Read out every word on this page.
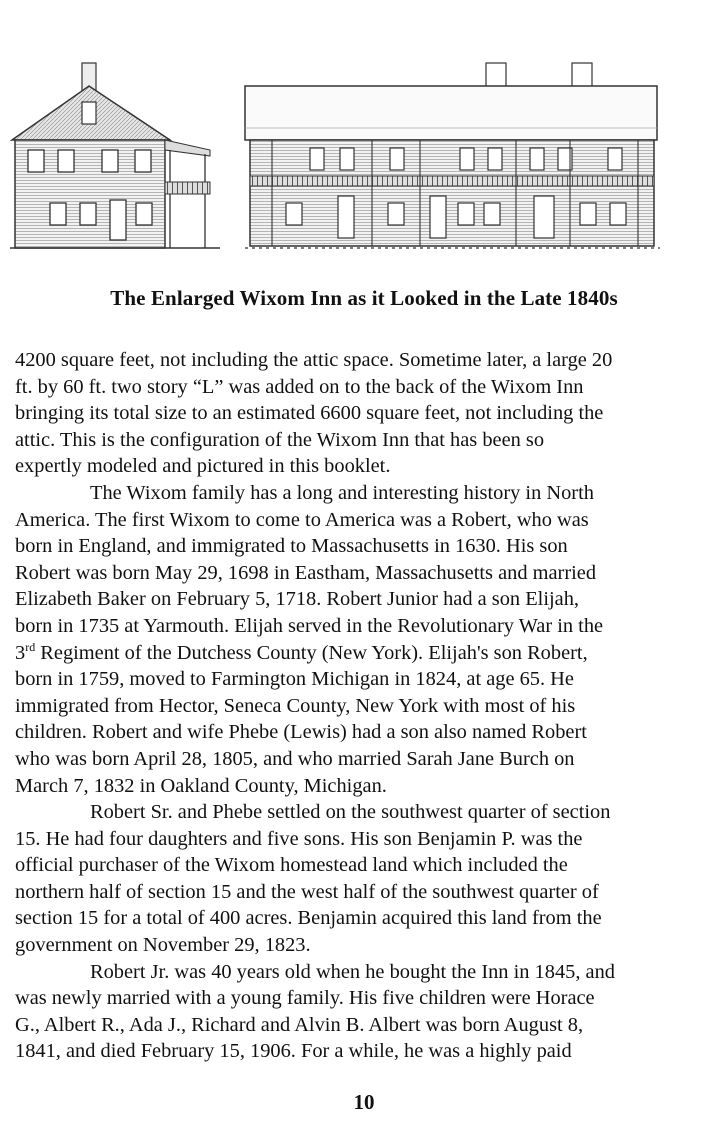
The Enlarged Wixom Inn as it Looked in the Late 1840s

4200 square feet, not including the attic space. Sometime later, a large 20
ft. by 60 ft. two story “L” was added on to the back of the Wixom Inn
bringing its total size to an estimated 6600 square feet, not including the
attic. This is the configuration of the Wixom Inn that has been so
expertly modeled and pictured in this booklet.

The Wixom family has a long and interesting history in North
America. The first Wixom to come to America was a Robert, who was
born in England, and immigrated to Massachusetts in 1630. His son
Robert was born May 29, 1698 in Eastham, Massachusetts and married
Elizabeth Baker on February 5, 1718. Robert Junior had a son Elijah,
born in 1735 at Yarmouth. Elijah served in the Revolutionary War in the

3rd Regiment of the Dutchess County (New York). Elijah's son Robert,
born in 1759, moved to Farmington Michigan in 1824, at age 65. He
immigrated from Hector, Seneca County, New York with most of his
children. Robert and wife Phebe (Lewis) had a son also named Robert
who was born April 28, 1805, and who married Sarah Jane Burch on
March 7, 1832 in Oakland County, Michigan.

Robert Sr. and Phebe settled on the southwest quarter of section
15. He had four daughters and five sons. His son Benjamin P. was the
official purchaser of the Wixom homestead land which included the
northern half of section 15 and the west half of the southwest quarter of
section 15 for a total of 400 acres. Benjamin acquired this land from the
government on November 29, 1823.

Robert Jr. was 40 years old when he bought the Inn in 1845, and
was newly married with a young family. His five children were Horace
G., Albert R., Ada J., Richard and Alvin B. Albert was born August 8,
1841, and died February 15, 1906. For a while, he was a highly paid

10
